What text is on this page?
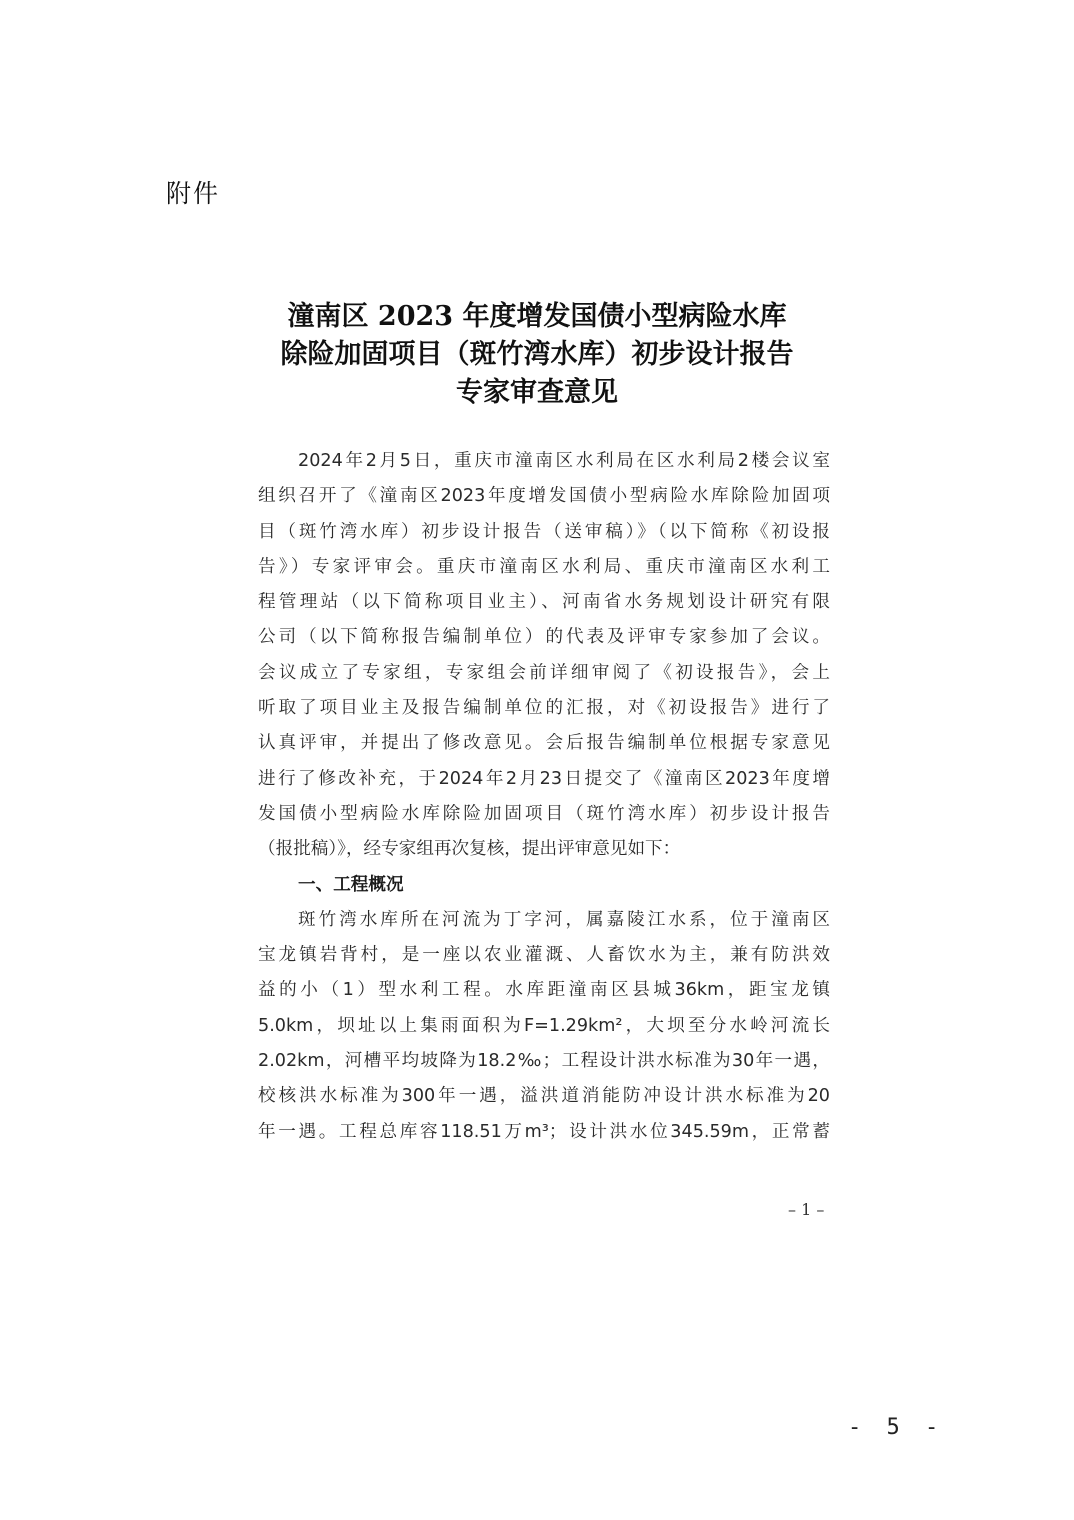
附件
潼南区 2023 年度增发国债小型病险水库
除险加固项目（斑竹湾水库）初步设计报告
专家审查意见
2024年2月5日，重庆市潼南区水利局在区水利局2楼会议室
组织召开了《潼南区2023年度增发国债小型病险水库除险加固项
目（斑竹湾水库）初步设计报告（送审稿）》（以下简称《初设报
告》）专家评审会。重庆市潼南区水利局、重庆市潼南区水利工
程管理站（以下简称项目业主）、河南省水务规划设计研究有限
公司（以下简称报告编制单位）的代表及评审专家参加了会议。
会议成立了专家组，专家组会前详细审阅了《初设报告》，会上
听取了项目业主及报告编制单位的汇报，对《初设报告》进行了
认真评审，并提出了修改意见。会后报告编制单位根据专家意见
进行了修改补充，于2024年2月23日提交了《潼南区2023年度增
发国债小型病险水库除险加固项目（斑竹湾水库）初步设计报告
（报批稿）》，经专家组再次复核，提出评审意见如下：
一、工程概况
斑竹湾水库所在河流为丁字河，属嘉陵江水系，位于潼南区
宝龙镇岩背村，是一座以农业灌溉、人畜饮水为主，兼有防洪效
益的小（1）型水利工程。水库距潼南区县城36km，距宝龙镇
5.0km，坝址以上集雨面积为F=1.29km²，大坝至分水岭河流长
2.02km，河槽平均坡降为18.2‰；工程设计洪水标准为30年一遇，
校核洪水标准为300年一遇，溢洪道消能防冲设计洪水标准为20
年一遇。工程总库容118.51万m³；设计洪水位345.59m，正常蓄
– 1 –
- 5 -
